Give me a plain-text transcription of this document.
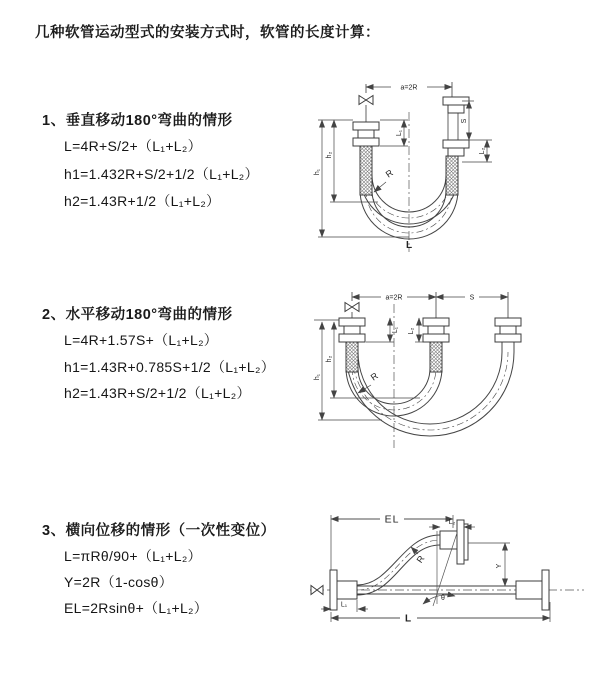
几种软管运动型式的安装方式时，软管的长度计算：
1、垂直移动180°弯曲的情形
L=4R+S/2+（L₁+L₂）
h1=1.432R+S/2+1/2（L₁+L₂）
h2=1.43R+1/2（L₁+L₂）
2、水平移动180°弯曲的情形
L=4R+1.57S+（L₁+L₂）
h1=1.43R+0.785S+1/2（L₁+L₂）
h2=1.43R+S/2+1/2（L₁+L₂）
3、横向位移的情形（一次性变位）
L=πRθ/90+（L₁+L₂）
Y=2R（1-cosθ）
EL=2Rsinθ+（L₁+L₂）
a=2R
h₁
h₂
L₁
S
L₂
R
L
a=2R	S
h₁
h₂
L₁ L₂
R
EL	L₂
Y
R
θ
L
L₁
